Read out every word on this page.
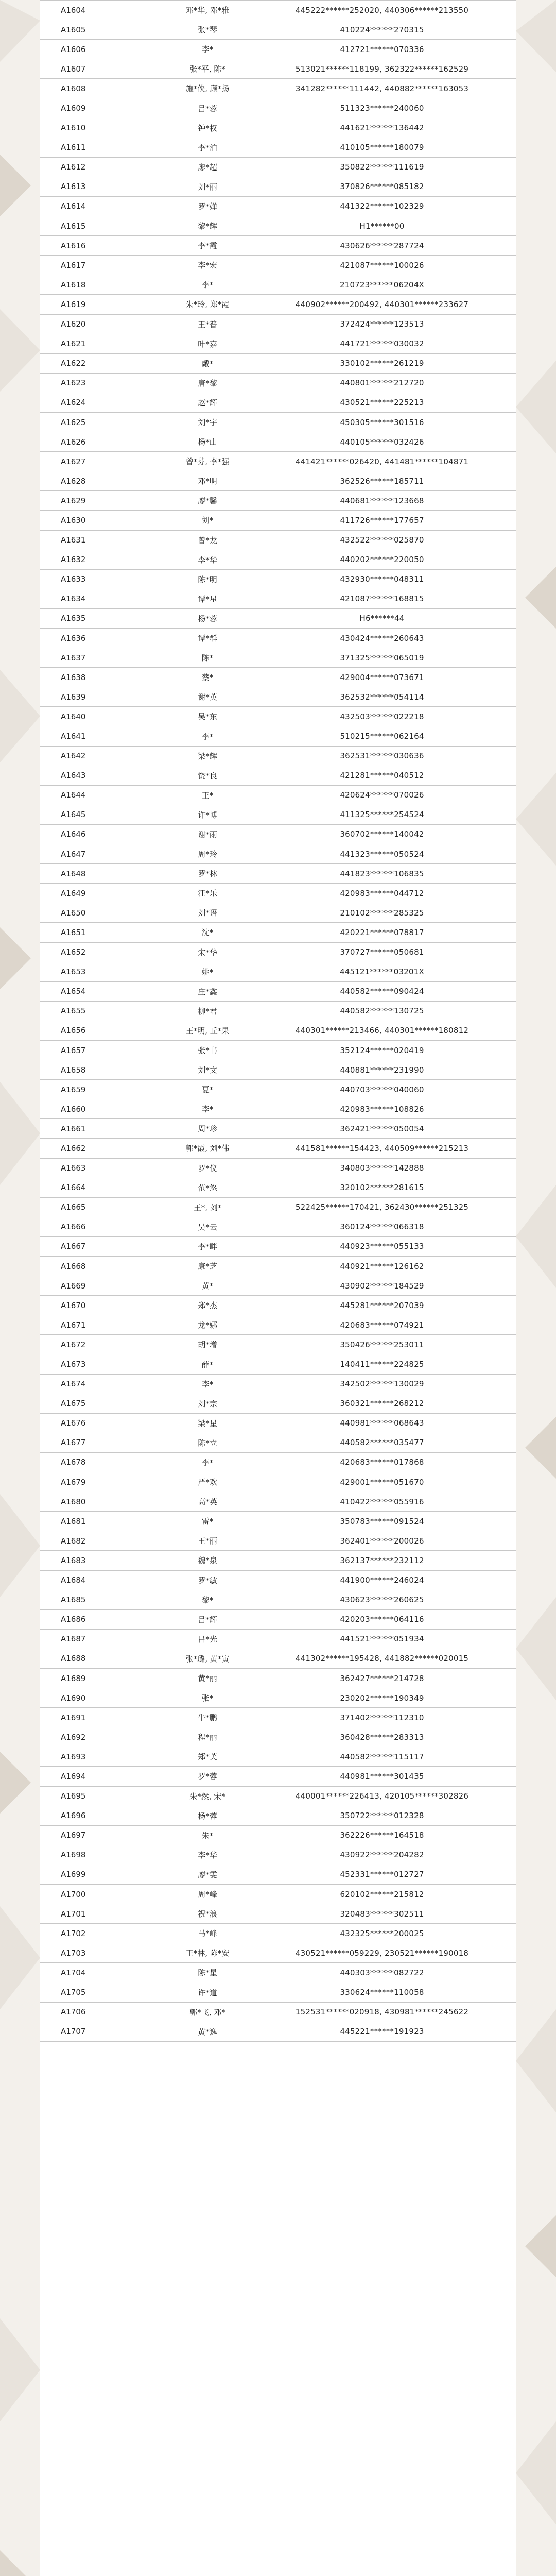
A1604	邓*华, 邓*雅	445222******252020, 440306******213550
A1605	张*琴	410224******270315
A1606	李*	412721******070336
A1607	张*平, 陈*	513021******118199, 362322******162529
A1608	施*侠, 顾*扬	341282******111442, 440882******163053
A1609	吕*蓉	511323******240060
A1610	钟*权	441621******136442
A1611	李*泊	410105******180079
A1612	廖*超	350822******111619
A1613	刘*丽	370826******085182
A1614	罗*婵	441322******102329
A1615	黎*辉	H1******00
A1616	李*霞	430626******287724
A1617	李*宏	421087******100026
A1618	李*	210723******06204X
A1619	朱*玲, 郑*霞	440902******200492, 440301******233627
A1620	王*普	372424******123513
A1621	叶*嘉	441721******030032
A1622	戴*	330102******261219
A1623	唐*黎	440801******212720
A1624	赵*辉	430521******225213
A1625	刘*宇	450305******301516
A1626	杨*山	440105******032426
A1627	曾*芬, 李*强	441421******026420, 441481******104871
A1628	邓*明	362526******185711
A1629	廖*馨	440681******123668
A1630	刘*	411726******177657
A1631	曾*龙	432522******025870
A1632	李*华	440202******220050
A1633	陈*明	432930******048311
A1634	谭*星	421087******168815
A1635	杨*蓉	H6******44
A1636	谭*群	430424******260643
A1637	陈*	371325******065019
A1638	蔡*	429004******073671
A1639	谢*英	362532******054114
A1640	吴*东	432503******022218
A1641	李*	510215******062164
A1642	梁*辉	362531******030636
A1643	饶*良	421281******040512
A1644	王*	420624******070026
A1645	许*博	411325******254524
A1646	谢*雨	360702******140042
A1647	周*玲	441323******050524
A1648	罗*林	441823******106835
A1649	汪*乐	420983******044712
A1650	刘*语	210102******285325
A1651	沈*	420221******078817
A1652	宋*华	370727******050681
A1653	姚*	445121******03201X
A1654	庄*鑫	440582******090424
A1655	柳*君	440582******130725
A1656	王*明, 丘*果	440301******213466, 440301******180812
A1657	张*书	352124******020419
A1658	刘*文	440881******231990
A1659	夏*	440703******040060
A1660	李*	420983******108826
A1661	周*珍	362421******050054
A1662	郭*霞, 刘*伟	441581******154423, 440509******215213
A1663	罗*仪	340803******142888
A1664	范*悠	320102******281615
A1665	王*, 刘*	522425******170421, 362430******251325
A1666	吴*云	360124******066318
A1667	李*畔	440923******055133
A1668	康*芝	440921******126162
A1669	黄*	430902******184529
A1670	郑*杰	445281******207039
A1671	龙*娜	420683******074921
A1672	胡*增	350426******253011
A1673	薛*	140411******224825
A1674	李*	342502******130029
A1675	刘*宗	360321******268212
A1676	梁*星	440981******068643
A1677	陈*立	440582******035477
A1678	李*	420683******017868
A1679	严*欢	429001******051670
A1680	高*英	410422******055916
A1681	雷*	350783******091524
A1682	王*丽	362401******200026
A1683	魏*泉	362137******232112
A1684	罗*敏	441900******246024
A1685	黎*	430623******260625
A1686	吕*辉	420203******064116
A1687	吕*光	441521******051934
A1688	张*璐, 黄*寅	441302******195428, 441882******020015
A1689	黄*丽	362427******214728
A1690	张*	230202******190349
A1691	牛*鹏	371402******112310
A1692	程*丽	360428******283313
A1693	郑*芙	440582******115117
A1694	罗*蓉	440981******301435
A1695	朱*然, 宋*	440001******226413, 420105******302826
A1696	杨*蓉	350722******012328
A1697	朱*	362226******164518
A1698	李*华	430922******204282
A1699	廖*雯	452331******012727
A1700	周*峰	620102******215812
A1701	祝*浪	320483******302511
A1702	马*峰	432325******200025
A1703	王*林, 陈*安	430521******059229, 230521******190018
A1704	陈*星	440303******082722
A1705	许*道	330624******110058
A1706	郭*飞, 邓*	152531******020918, 430981******245622
A1707	黄*逸	445221******191923
